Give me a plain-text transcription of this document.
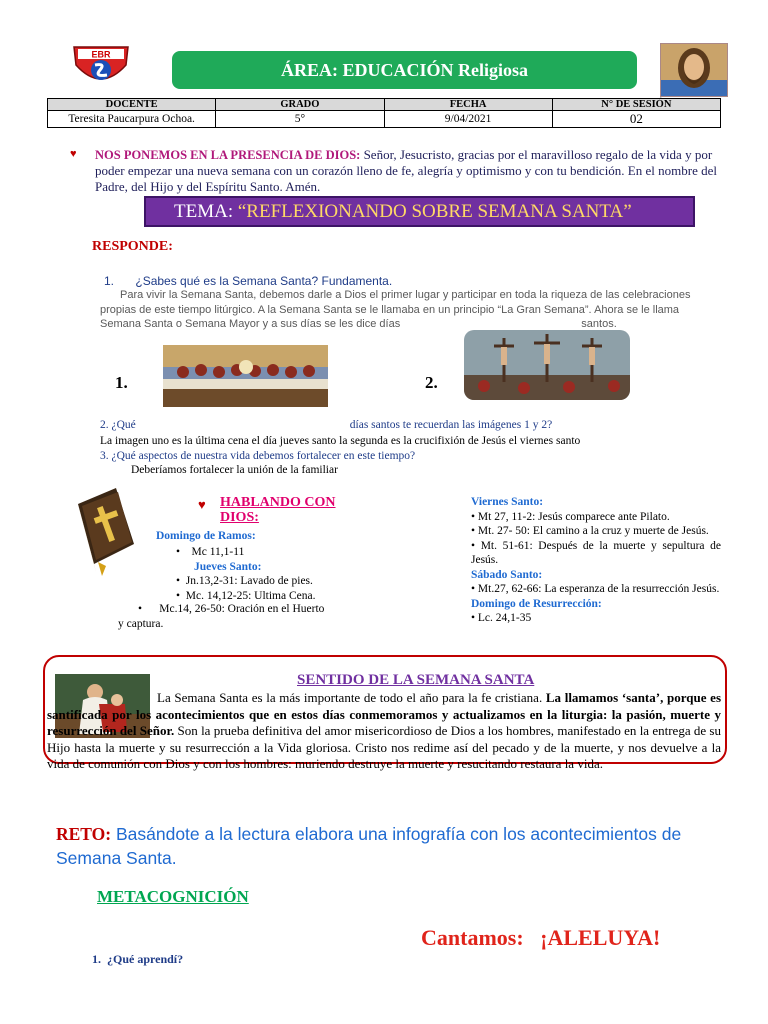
EBR
ÁREA: EDUCACIÓN Religiosa
DOCENTE	GRADO	FECHA	N° DE SESIÓN
Teresita Paucarpura Ochoa.	5°	9/04/2021	02
♥ NOS PONEMOS EN LA PRESENCIA DE DIOS: Señor, Jesucristo, gracias por el maravilloso regalo de la vida y por poder empezar una nueva semana con un corazón lleno de fe, alegría y optimismo y con tu bendición. En el nombre del Padre, del Hijo y del Espíritu Santo. Amén.
TEMA : “REFLEXIONANDO SOBRE SEMANA SANTA”
RESPONDE:
1. ¿Sabes qué es la Semana Santa? Fundamenta.
Para vivir la Semana Santa, debemos darle a Dios el primer lugar y participar en toda la riqueza de las celebraciones propias de este tiempo litúrgico. A la Semana Santa se le llamaba en un principio “La Gran Semana”. Ahora se le llama Semana Santa o Semana Mayor y a sus días se les dice días	santos.
1.	2.
2. ¿Qué	días santos te recuerdan las imágenes 1 y 2?
La imagen uno es la última cena el día jueves santo la segunda es la crucifixión de Jesús el viernes santo
3. ¿Qué aspectos de nuestra vida debemos fortalecer en este tiempo?
Deberíamos fortalecer la unión de la familiar
♥ HABLANDO CON
DIOS:
Domingo de Ramos:
•    Mc 11,1-11
Jueves Santo:
•  Jn.13,2-31: Lavado de pies.
•  Mc. 14,12-25: Ultima Cena.
•      Mc.14, 26-50: Oración en el Huerto
y captura.
Viernes Santo:
• Mt 27, 11-2: Jesús comparece ante Pilato.
• Mt. 27- 50: El camino a la cruz y muerte de Jesús.
• Mt. 51-61: Después de la muerte y sepultura de Jesús.
Sábado Santo:
• Mt.27, 62-66: La esperanza de la resurrección Jesús.
Domingo de Resurrección:
• Lc. 24,1-35
SENTIDO DE LA SEMANA SANTA
La Semana Santa es la más importante de todo el año para la fe cristiana. La llamamos ‘santa’, porque es santificada por los acontecimientos que en estos días conmemoramos y actualizamos en la liturgia: la pasión, muerte y resurrección del Señor. Son la prueba definitiva del amor misericordioso de Dios a los hombres, manifestado en la entrega de su Hijo hasta la muerte y su resurrección a la Vida gloriosa. Cristo nos redime así del pecado y de la muerte, y nos devuelve a la vida de comunión con Dios y con los hombres: muriendo destruye la muerte y resucitando restaura la vida.
RETO: Basándote a la lectura elabora una infografía con los acontecimientos de Semana Santa.
METACOGNICIÓN
Cantamos:   ¡ALELUYA!
1.  ¿Qué aprendí?
